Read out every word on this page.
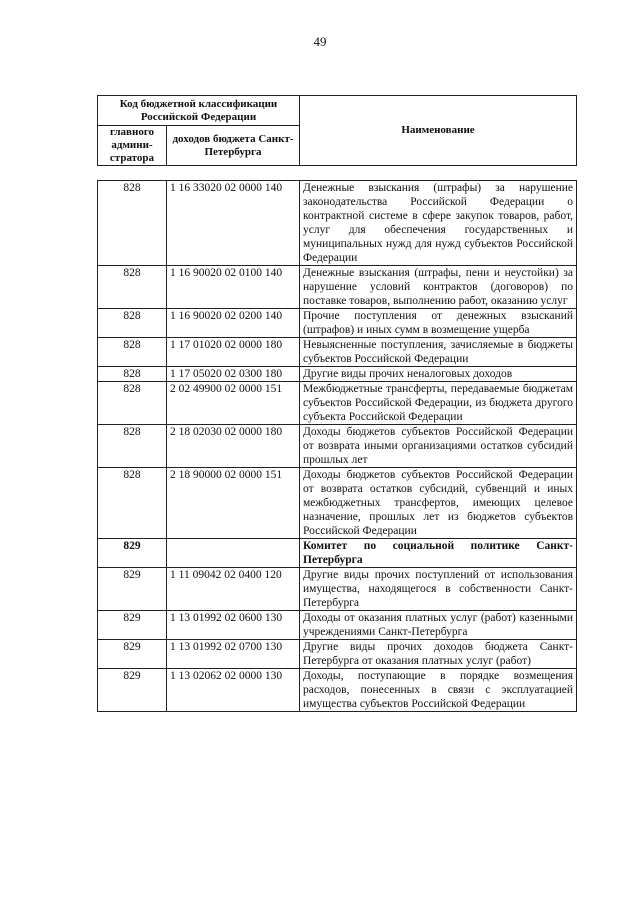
49
Код бюджетной классификации Российской Федерации		Наименование
главного админи-стратора	доходов бюджета Санкт-Петербурга	
828	1 16 33020 02 0000 140	Денежные взыскания (штрафы) за нарушение законодательства Российской Федерации о контрактной системе в сфере закупок товаров, работ, услуг для обеспечения государственных и муниципальных нужд для нужд субъектов Российской Федерации
828	1 16 90020 02 0100 140	Денежные взыскания (штрафы, пени и неустойки) за нарушение условий контрактов (договоров) по поставке товаров, выполнению работ, оказанию услуг
828	1 16 90020 02 0200 140	Прочие поступления от денежных взысканий (штрафов) и иных сумм в возмещение ущерба
828	1 17 01020 02 0000 180	Невыясненные поступления, зачисляемые в бюджеты субъектов Российской Федерации
828	1 17 05020 02 0300 180	Другие виды прочих неналоговых доходов
828	2 02 49900 02 0000 151	Межбюджетные трансферты, передаваемые бюджетам субъектов Российской Федерации, из бюджета другого субъекта Российской Федерации
828	2 18 02030 02 0000 180	Доходы бюджетов субъектов Российской Федерации от возврата иными организациями остатков субсидий прошлых лет
828	2 18 90000 02 0000 151	Доходы бюджетов субъектов Российской Федерации от возврата остатков субсидий, субвенций и иных межбюджетных трансфертов, имеющих целевое назначение, прошлых лет из бюджетов субъектов Российской Федерации
829		Комитет по социальной политике Санкт-Петербурга
829	1 11 09042 02 0400 120	Другие виды прочих поступлений от использования имущества, находящегося в собственности Санкт-Петербурга
829	1 13 01992 02 0600 130	Доходы от оказания платных услуг (работ) казенными учреждениями Санкт-Петербурга
829	1 13 01992 02 0700 130	Другие виды прочих доходов бюджета Санкт-Петербурга от оказания платных услуг (работ)
829	1 13 02062 02 0000 130	Доходы, поступающие в порядке возмещения расходов, понесенных в связи с эксплуатацией имущества субъектов Российской Федерации
